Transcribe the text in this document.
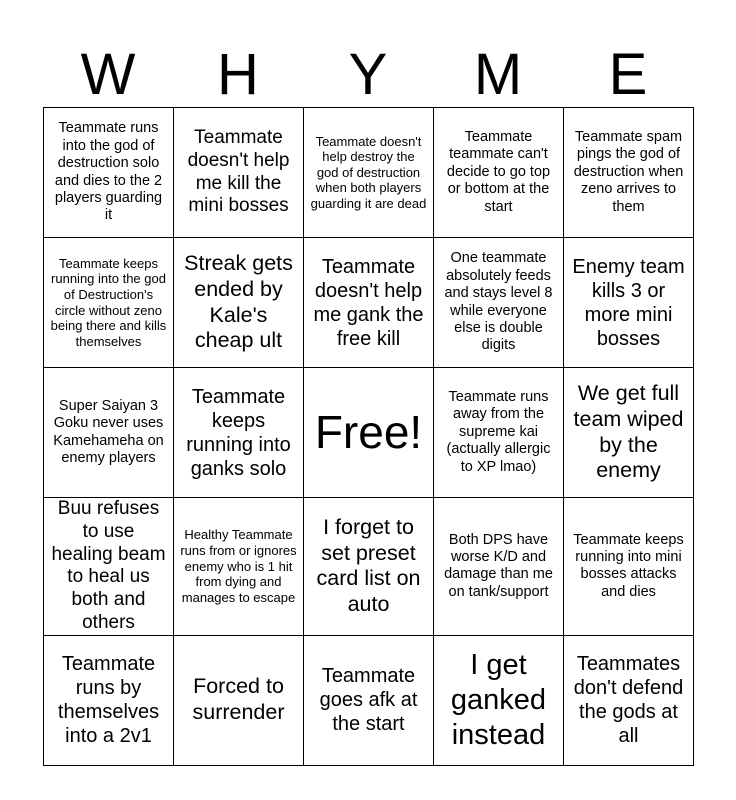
W	H	Y	M	E
Teammate runs into the god of destruction solo and dies to the 2 players guarding it	Teammate doesn't help me kill the mini bosses	Teammate doesn't help destroy the god of destruction when both players guarding it are dead	Teammate teammate can't decide to go top or bottom at the start	Teammate spam pings the god of destruction when zeno arrives to them
Teammate keeps running into the god of Destruction's circle without zeno being there and kills themselves	Streak gets ended by Kale's cheap ult	Teammate doesn't help me gank the free kill	One teammate absolutely feeds and stays level 8 while everyone else is double digits	Enemy team kills 3 or more mini bosses
Super Saiyan 3 Goku never uses Kamehameha on enemy players	Teammate keeps running into ganks solo	Free!	Teammate runs away from the supreme kai (actually allergic to XP lmao)	We get full team wiped by the enemy
Buu refuses to use healing beam to heal us both and others	Healthy Teammate runs from or ignores enemy who is 1 hit from dying and manages to escape	I forget to set preset card list on auto	Both DPS have worse K/D and damage than me on tank/support	Teammate keeps running into mini bosses attacks and dies
Teammate runs by themselves into a 2v1	Forced to surrender	Teammate goes afk at the start	I get ganked instead	Teammates don't defend the gods at all
